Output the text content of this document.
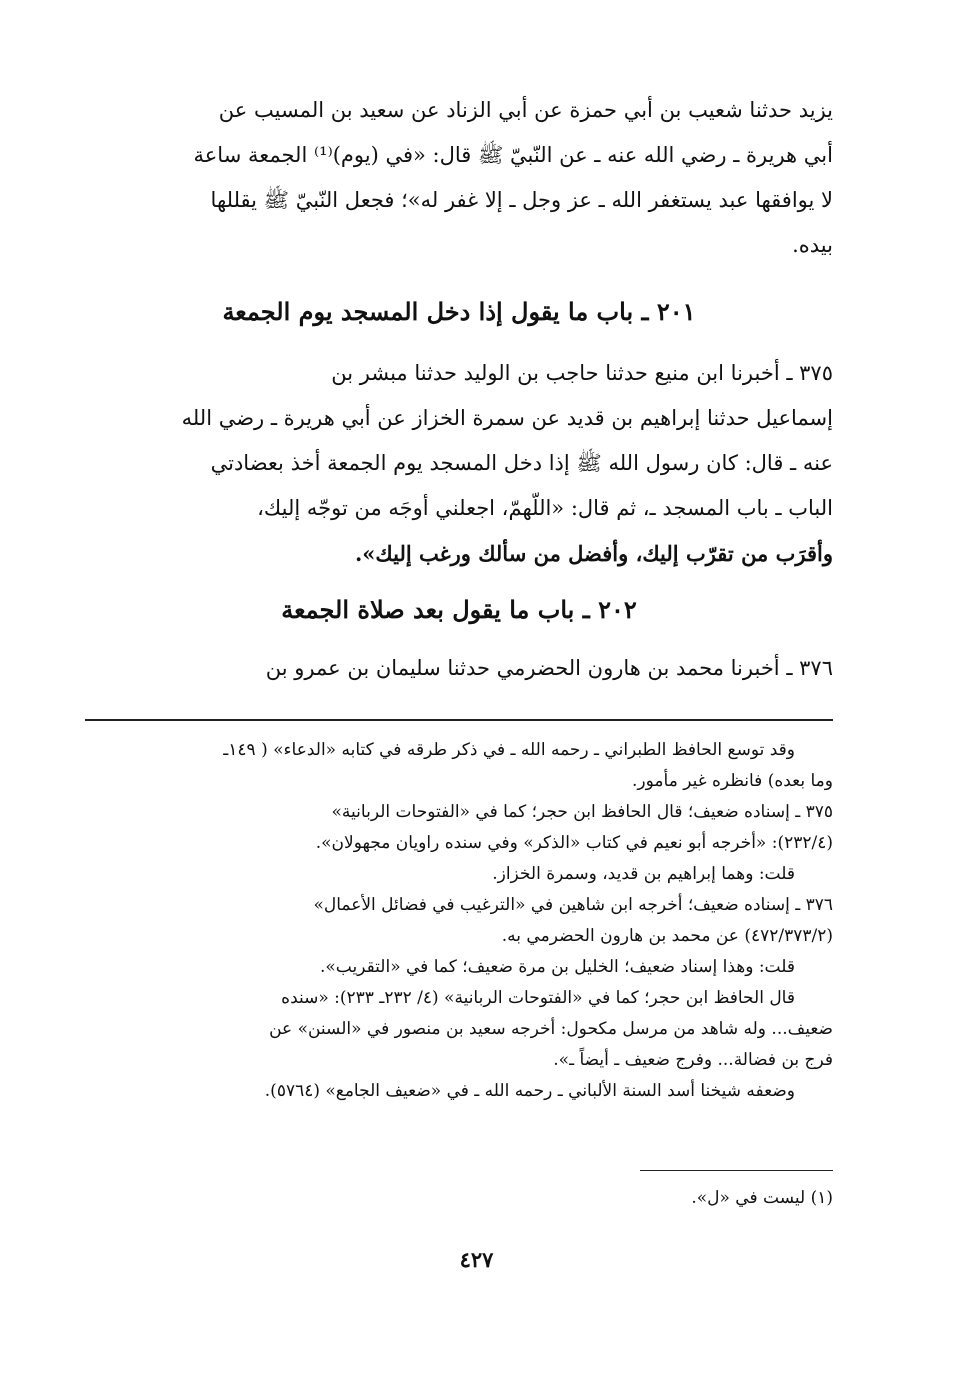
يزيد حدثنا شعيب بن أبي حمزة عن أبي الزناد عن سعيد بن المسيب عن
أبي هريرة ـ رضي الله عنه ـ عن النّبيّ ﷺ قال: «في (يوم)⁽¹⁾ الجمعة ساعة
لا يوافقها عبد يستغفر الله ـ عز وجل ـ إلا غفر له»؛ فجعل النّبيّ ﷺ يقللها
بيده.
٢٠١ ـ باب ما يقول إذا دخل المسجد يوم الجمعة
٣٧٥ ـ أخبرنا ابن منيع حدثنا حاجب بن الوليد حدثنا مبشر بن
إسماعيل حدثنا إبراهيم بن قديد عن سمرة الخزاز عن أبي هريرة ـ رضي الله
عنه ـ قال: كان رسول الله ﷺ إذا دخل المسجد يوم الجمعة أخذ بعضادتي
الباب ـ باب المسجد ـ، ثم قال: «اللّهمّ، اجعلني أوجَه من توجّه إليك،
وأقرَب من تقرّب إليك، وأفضل من سألك ورغب إليك».
٢٠٢ ـ باب ما يقول بعد صلاة الجمعة
٣٧٦ ـ أخبرنا محمد بن هارون الحضرمي حدثنا سليمان بن عمرو بن
وقد توسع الحافظ الطبراني ـ رحمه الله ـ في ذكر طرقه في كتابه «الدعاء» ( ١٤٩ـ
وما بعده) فانظره غير مأمور.
٣٧٥ ـ إسناده ضعيف؛ قال الحافظ ابن حجر؛ كما في «الفتوحات الربانية»
(٢٣٢/٤): «أخرجه أبو نعيم في كتاب «الذكر» وفي سنده راويان مجهولان».
قلت: وهما إبراهيم بن قديد، وسمرة الخزاز.
٣٧٦ ـ إسناده ضعيف؛ أخرجه ابن شاهين في «الترغيب في فضائل الأعمال»
(٤٧٢/٣٧٣/٢) عن محمد بن هارون الحضرمي به.
قلت: وهذا إسناد ضعيف؛ الخليل بن مرة ضعيف؛ كما في «التقريب».
قال الحافظ ابن حجر؛ كما في «الفتوحات الربانية» (٤/ ٢٣٢ـ ٢٣٣): «سنده
ضعيف... وله شاهد من مرسل مكحول: أخرجه سعيد بن منصور في «السنن» عن
فرج بن فضالة... وفرج ضعيف ـ أيضاً ـ».
وضعفه شيخنا أسد السنة الألباني ـ رحمه الله ـ في «ضعيف الجامع» (٥٧٦٤).
(١) ليست في «ل».
٤٢٧
